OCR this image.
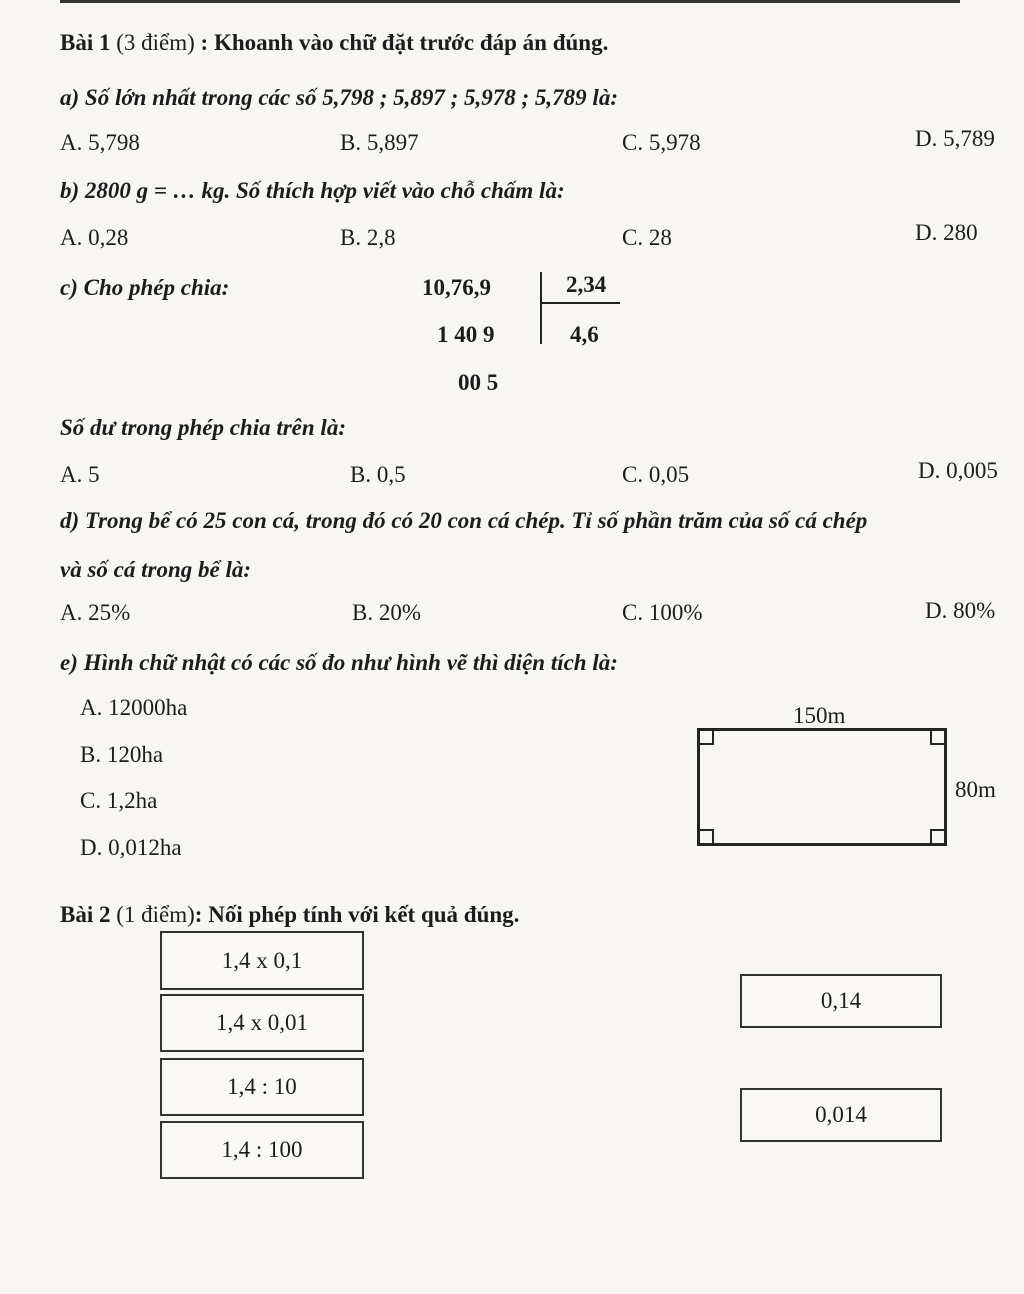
Bài 1 (3 điểm) : Khoanh vào chữ đặt trước đáp án đúng.
a) Số lớn nhất trong các số 5,798 ; 5,897 ; 5,978 ; 5,789 là:
A. 5,798	B. 5,897	C. 5,978	D. 5,789
b) 2800 g = … kg. Số thích hợp viết vào chỗ chấm là:
A. 0,28	B. 2,8	C. 28	D. 280
c) Cho phép chia:	10,76,9	2,34
1 40 9	4,6
00 5
Số dư trong phép chia trên là:
A. 5	B. 0,5	C. 0,05	D. 0,005
d) Trong bể có 25 con cá, trong đó có 20 con cá chép. Tỉ số phần trăm của số cá chép
và số cá trong bể là:
A. 25%	B. 20%	C. 100%	D. 80%
e) Hình chữ nhật có các số đo như hình vẽ thì diện tích là:
A. 12000ha
B. 120ha
C. 1,2ha
D. 0,012ha
150m
80m
Bài 2 (1 điểm): Nối phép tính với kết quả đúng.
1,4 x 0,1
1,4 x 0,01
1,4 : 10
1,4 : 100
0,14
0,014
